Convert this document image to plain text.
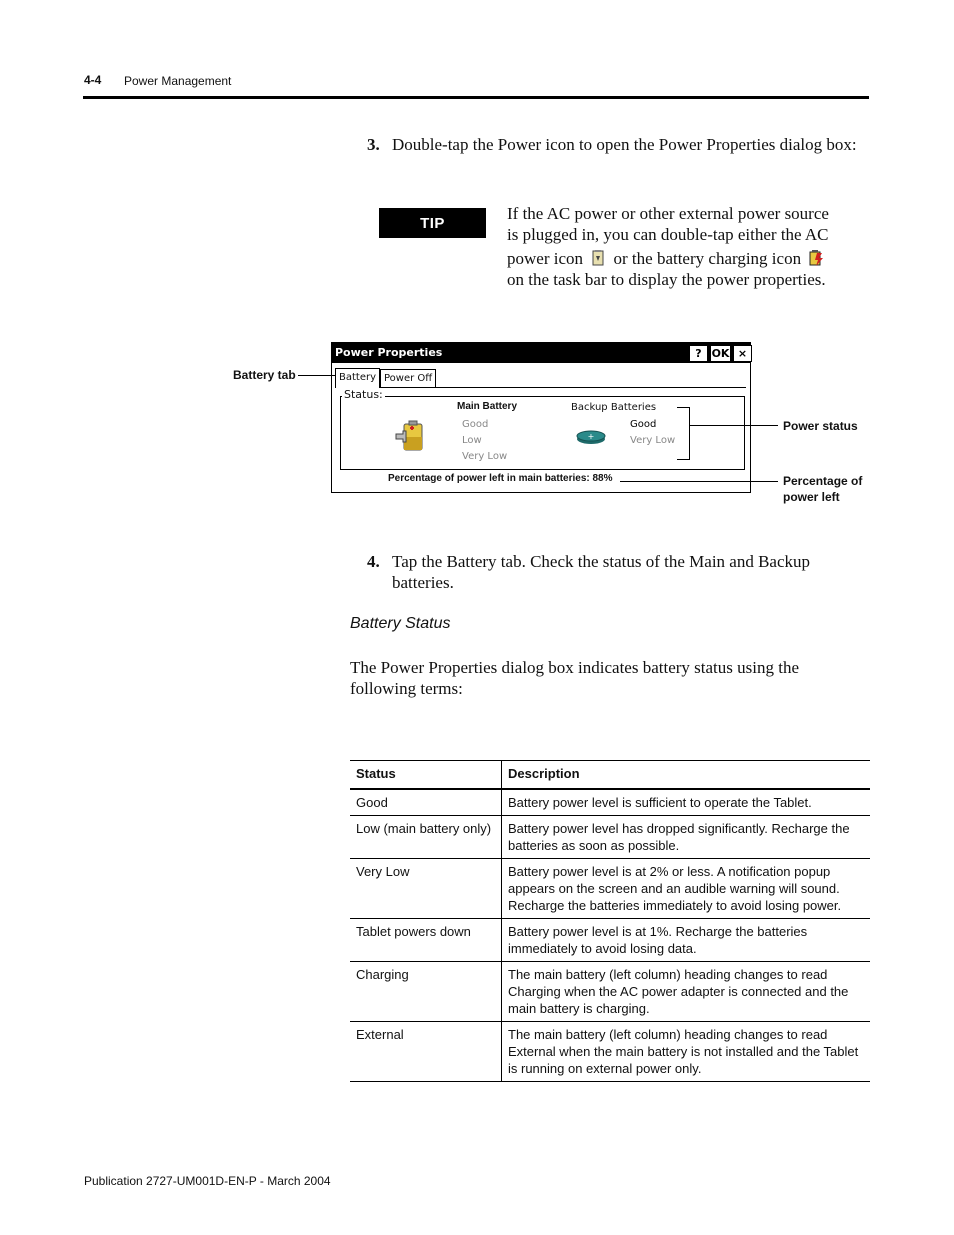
4-4 Power Management
3. Double-tap the Power icon to open the Power Properties dialog box:
TIP	If the AC power or other external power source
is plugged in, you can double-tap either the AC
power icon or the battery charging icon
on the task bar to display the power properties.
Power Properties	? OK ×
Battery Power Off
Status:
Main Battery
Good
Low
Very Low
+
Backup Batteries
Good
Very Low
Percentage of power left in main batteries: 88%
Battery tab
Power status
Percentage of
power left
4. Tap the Battery tab. Check the status of the Main and Backup batteries.
Battery Status
The Power Properties dialog box indicates battery status using the following terms:
Status	Description
Good	Battery power level is sufficient to operate the Tablet.
Low (main battery only)	Battery power level has dropped significantly. Recharge the batteries as soon as possible.
Very Low	Battery power level is at 2% or less. A notification popup appears on the screen and an audible warning will sound. Recharge the batteries immediately to avoid losing power.
Tablet powers down	Battery power level is at 1%. Recharge the batteries immediately to avoid losing data.
Charging	The main battery (left column) heading changes to read Charging when the AC power adapter is connected and the main battery is charging.
External	The main battery (left column) heading changes to read External when the main battery is not installed and the Tablet is running on external power only.
Publication 2727-UM001D-EN-P - March 2004
